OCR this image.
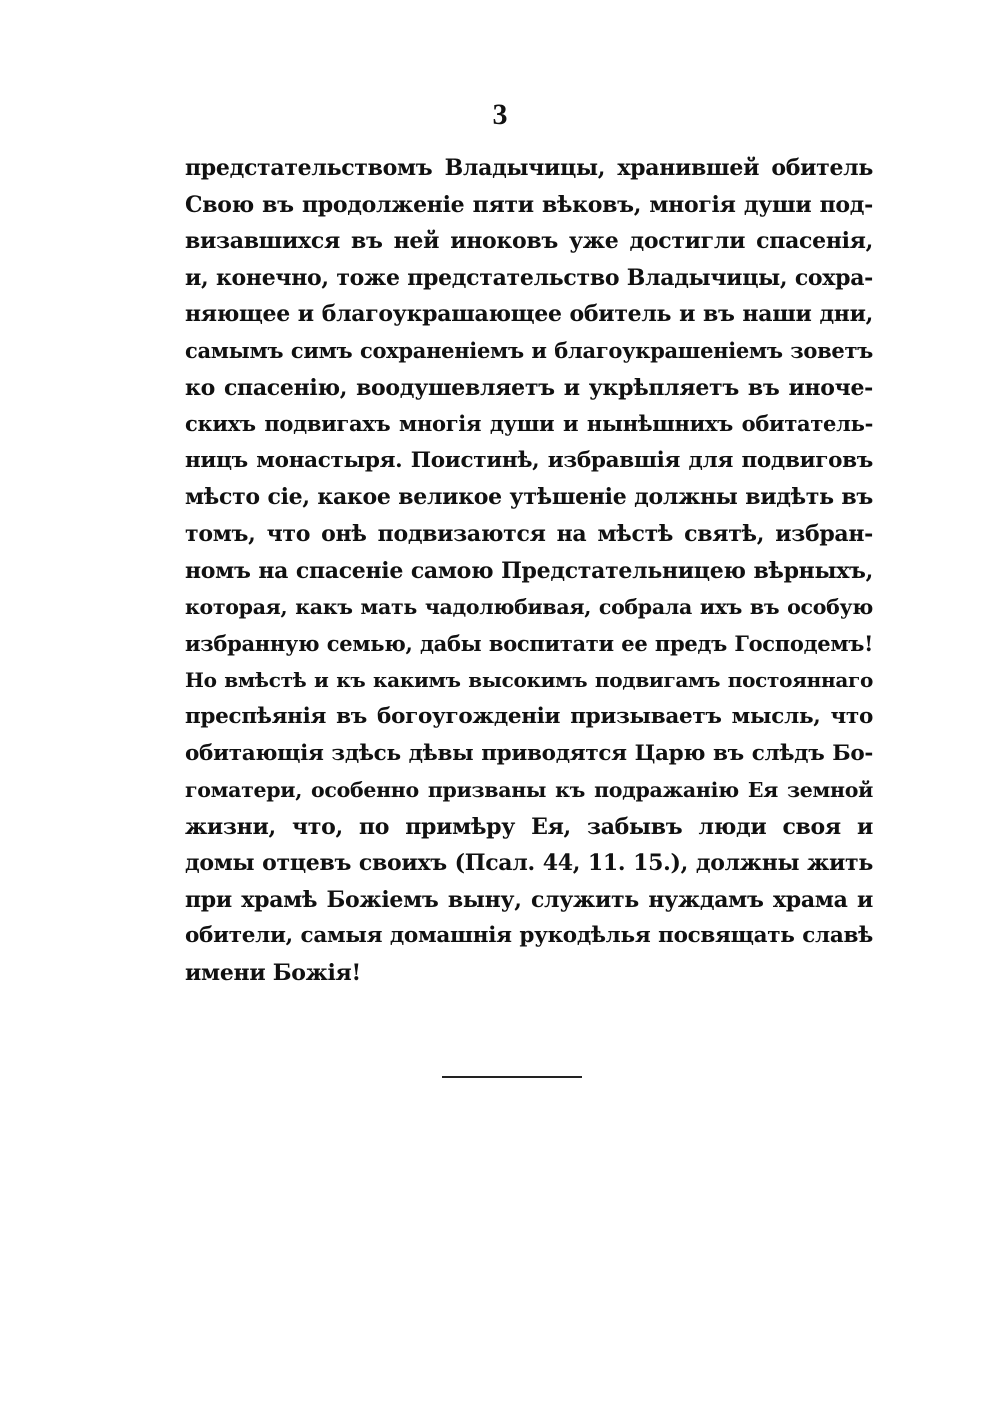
3
предстательствомъ Владычицы, хранившей обитель
Свою въ продолженіе пяти вѣковъ, многія души под-
визавшихся въ ней иноковъ уже достигли спасенія,
и, конечно, тоже предстательство Владычицы, сохра-
няющее и благоукрашающее обитель и въ наши дни,
самымъ симъ сохраненіемъ и благоукрашеніемъ зоветъ
ко спасенію, воодушевляетъ и укрѣпляетъ въ иноче-
скихъ подвигахъ многія души и нынѣшнихъ обитатель-
ницъ монастыря. Поистинѣ, избравшія для подвиговъ
мѣсто сіе, какое великое утѣшеніе должны видѣть въ
томъ, что онѣ подвизаются на мѣстѣ святѣ, избран-
номъ на спасеніе самою Предстательницею вѣрныхъ,
которая, какъ мать чадолюбивая, собрала ихъ въ особую
избранную семью, дабы воспитати ее предъ Господемъ!
Но вмѣстѣ и къ какимъ высокимъ подвигамъ постояннаго
преспѣянія въ богоугожденіи призываетъ мысль, что
обитающія здѣсь дѣвы приводятся Царю въ слѣдъ Бо-
гоматери, особенно призваны къ подражанію Ея земной
жизни, что, по примѣру Ея, забывъ люди своя и
домы отцевъ своихъ (Псал. 44, 11. 15.), должны жить
при храмѣ Божіемъ выну, служить нуждамъ храма и
обители, самыя домашнія рукодѣлья посвящать славѣ
имени Божія!
